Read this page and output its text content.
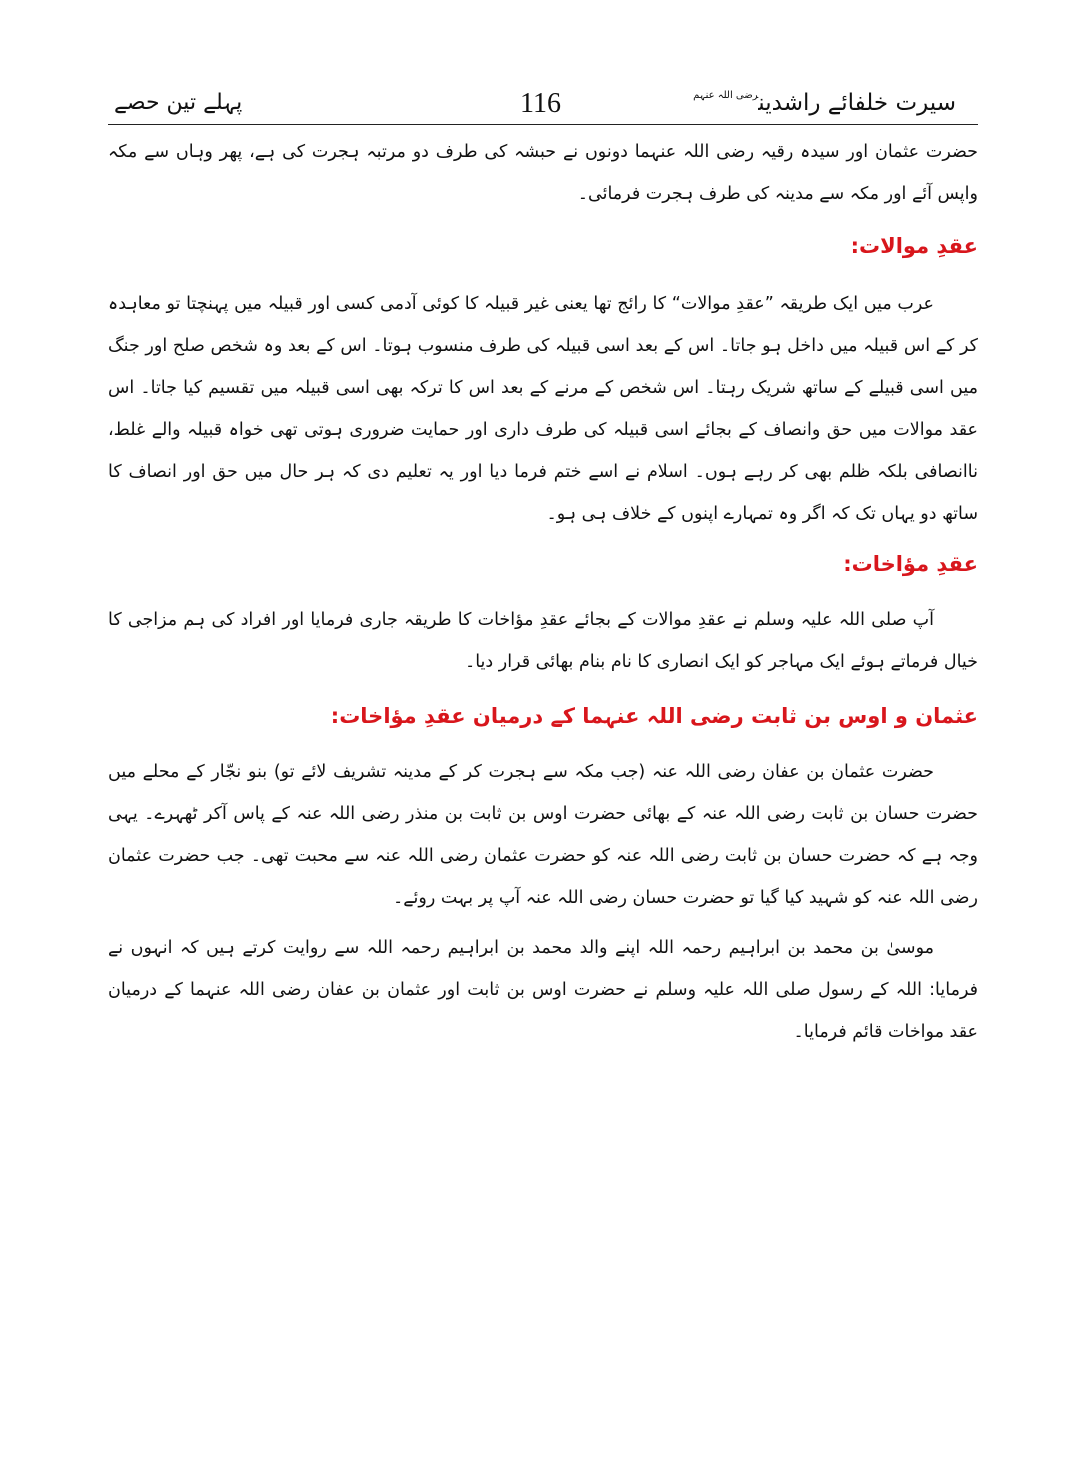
سیرت خلفائے راشدین$^{رضی اللہ عنہم}$
116
پہلے تین حصے

حضرت عثمان اور سیدہ رقیہ رضی اللہ عنہما دونوں نے حبشہ کی طرف دو مرتبہ ہجرت کی ہے، پھر وہاں سے مکہ واپس آئے اور مکہ سے مدینہ کی طرف ہجرت فرمائی۔

عقدِ موالات:

عرب میں ایک طریقہ ”عقدِ موالات“ کا رائج تھا یعنی غیر قبیلہ کا کوئی آدمی کسی اور قبیلہ میں پہنچتا تو معاہدہ کر کے اس قبیلہ میں داخل ہو جاتا۔ اس کے بعد اسی قبیلہ کی طرف منسوب ہوتا۔ اس کے بعد وہ شخص صلح اور جنگ میں اسی قبیلے کے ساتھ شریک رہتا۔ اس شخص کے مرنے کے بعد اس کا ترکہ بھی اسی قبیلہ میں تقسیم کیا جاتا۔ اس عقد موالات میں حق وانصاف کے بجائے اسی قبیلہ کی طرف داری اور حمایت ضروری ہوتی تھی خواہ قبیلہ والے غلط، ناانصافی بلکہ ظلم بھی کر رہے ہوں۔ اسلام نے اسے ختم فرما دیا اور یہ تعلیم دی کہ ہر حال میں حق اور انصاف کا ساتھ دو یہاں تک کہ اگر وہ تمہارے اپنوں کے خلاف ہی ہو۔

عقدِ مؤاخات:

آپ صلی اللہ علیہ وسلم نے عقدِ موالات کے بجائے عقدِ مؤاخات کا طریقہ جاری فرمایا اور افراد کی ہم مزاجی کا خیال فرماتے ہوئے ایک مہاجر کو ایک انصاری کا نام بنام بھائی قرار دیا۔

عثمان و اوس بن ثابت رضی اللہ عنہما کے درمیان عقدِ مؤاخات:

حضرت عثمان بن عفان رضی اللہ عنہ (جب مکہ سے ہجرت کر کے مدینہ تشریف لائے تو) بنو نجّار کے محلے میں حضرت حسان بن ثابت رضی اللہ عنہ کے بھائی حضرت اوس بن ثابت بن منذر رضی اللہ عنہ کے پاس آکر ٹھہرے۔ یہی وجہ ہے کہ حضرت حسان بن ثابت رضی اللہ عنہ کو حضرت عثمان رضی اللہ عنہ سے محبت تھی۔ جب حضرت عثمان رضی اللہ عنہ کو شہید کیا گیا تو حضرت حسان رضی اللہ عنہ آپ پر بہت روئے۔

موسیٰ بن محمد بن ابراہیم رحمہ اللہ اپنے والد محمد بن ابراہیم رحمہ اللہ سے روایت کرتے ہیں کہ انہوں نے فرمایا: اللہ کے رسول صلی اللہ علیہ وسلم نے حضرت اوس بن ثابت اور عثمان بن عفان رضی اللہ عنہما کے درمیان عقد مواخات قائم فرمایا۔
